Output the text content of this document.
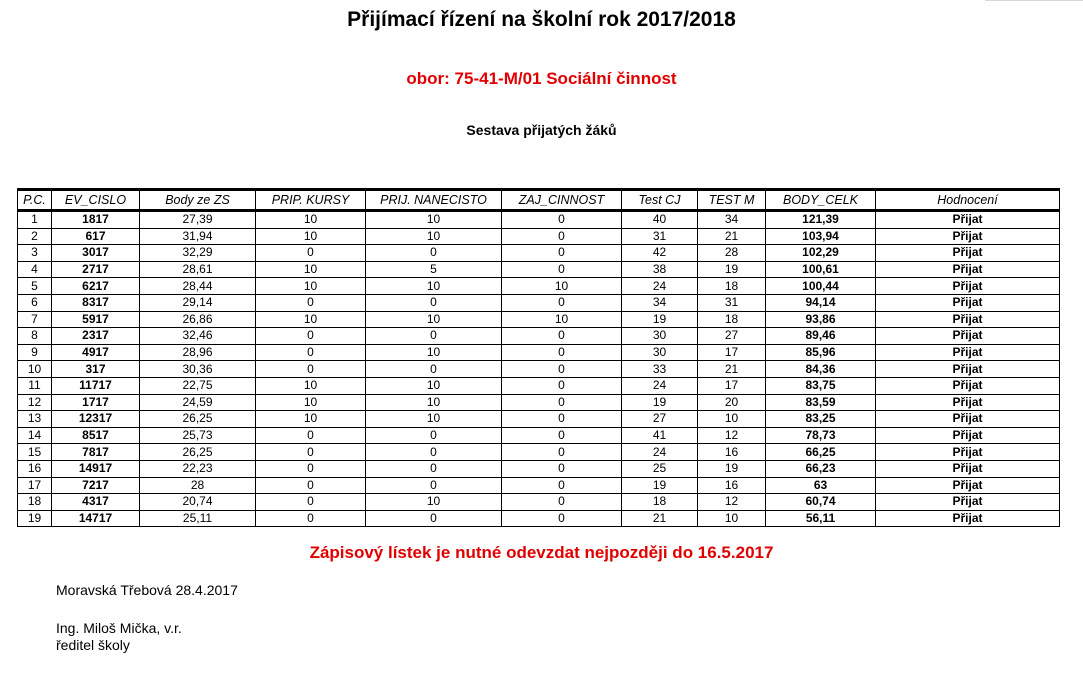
Přijímací řízení na školní rok 2017/2018
obor: 75-41-M/01 Sociální činnost
Sestava přijatých žáků
P.C.	EV_CISLO	Body ze ZS	PRIP. KURSY	PRIJ. NANECISTO	ZAJ_CINNOST	Test CJ	TEST M	BODY_CELK	Hodnocení
1	1817	27,39	10	10	0	40	34	121,39	Přijat
2	617	31,94	10	10	0	31	21	103,94	Přijat
3	3017	32,29	0	0	0	42	28	102,29	Přijat
4	2717	28,61	10	5	0	38	19	100,61	Přijat
5	6217	28,44	10	10	10	24	18	100,44	Přijat
6	8317	29,14	0	0	0	34	31	94,14	Přijat
7	5917	26,86	10	10	10	19	18	93,86	Přijat
8	2317	32,46	0	0	0	30	27	89,46	Přijat
9	4917	28,96	0	10	0	30	17	85,96	Přijat
10	317	30,36	0	0	0	33	21	84,36	Přijat
11	11717	22,75	10	10	0	24	17	83,75	Přijat
12	1717	24,59	10	10	0	19	20	83,59	Přijat
13	12317	26,25	10	10	0	27	10	83,25	Přijat
14	8517	25,73	0	0	0	41	12	78,73	Přijat
15	7817	26,25	0	0	0	24	16	66,25	Přijat
16	14917	22,23	0	0	0	25	19	66,23	Přijat
17	7217	28	0	0	0	19	16	63	Přijat
18	4317	20,74	0	10	0	18	12	60,74	Přijat
19	14717	25,11	0	0	0	21	10	56,11	Přijat
Zápisový lístek je nutné odevzdat nejpozději do 16.5.2017
Moravská Třebová 28.4.2017
Ing. Miloš Mička, v.r.
ředitel školy
